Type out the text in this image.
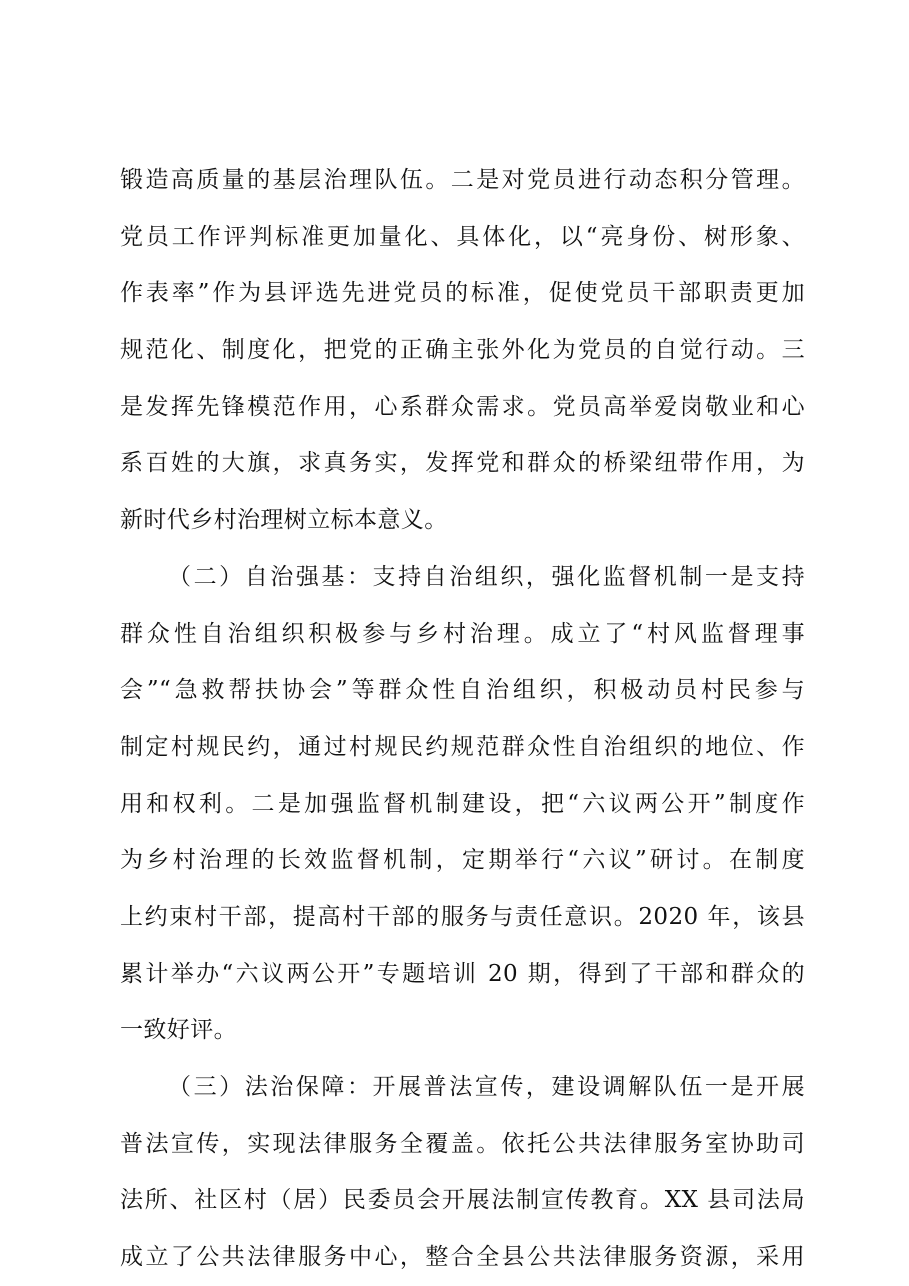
锻造高质量的基层治理队伍。二是对党员进行动态积分管理。
党员工作评判标准更加量化、具体化，以“亮身份、树形象、
作表率”作为县评选先进党员的标准，促使党员干部职责更加
规范化、制度化，把党的正确主张外化为党员的自觉行动。三
是发挥先锋模范作用，心系群众需求。党员高举爱岗敬业和心
系百姓的大旗，求真务实，发挥党和群众的桥梁纽带作用，为
新时代乡村治理树立标本意义。
（二）自治强基：支持自治组织，强化监督机制一是支持
群众性自治组织积极参与乡村治理。成立了“村风监督理事
会”“急救帮扶协会”等群众性自治组织，积极动员村民参与
制定村规民约，通过村规民约规范群众性自治组织的地位、作
用和权利。二是加强监督机制建设，把“六议两公开”制度作
为乡村治理的长效监督机制，定期举行“六议”研讨。在制度
上约束村干部，提高村干部的服务与责任意识。2020 年，该县
累计举办“六议两公开”专题培训 20 期，得到了干部和群众的
一致好评。
（三）法治保障：开展普法宣传，建设调解队伍一是开展
普法宣传，实现法律服务全覆盖。依托公共法律服务室协助司
法所、社区村（居）民委员会开展法制宣传教育。XX 县司法局
成立了公共法律服务中心，整合全县公共法律服务资源，采用
